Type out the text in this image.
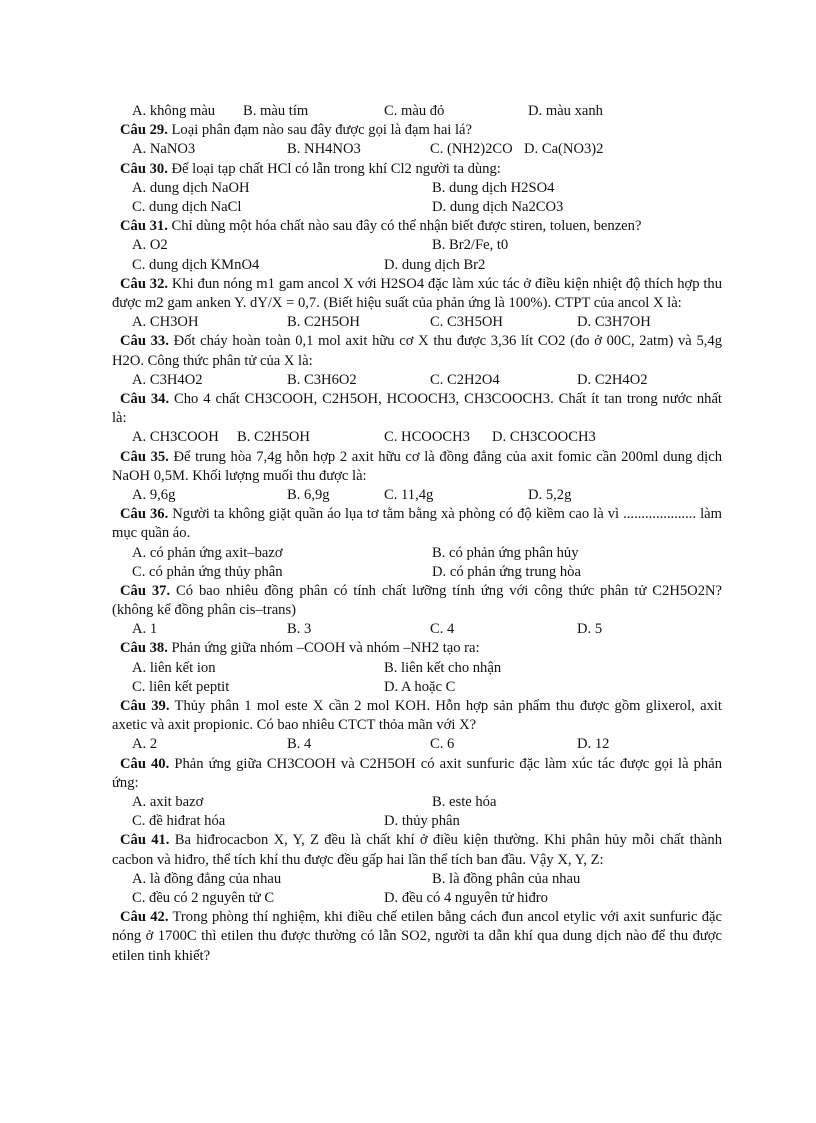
A. không màu B. màu tím	C. màu đỏ	D. màu xanh

Câu 29. Loại phân đạm nào sau đây được gọi là đạm hai lá?

A. NaNO3	B. NH4NO3	C. (NH2)2CO D. Ca(NO3)2

Câu 30. Để loại tạp chất HCl có lẫn trong khí Cl2 người ta dùng:

A. dung dịch NaOH	B. dung dịch H2SO4
C. dung dịch NaCl	D. dung dịch Na2CO3

Câu 31. Chỉ dùng một hóa chất nào sau đây có thể nhận biết được stiren, toluen, benzen?

A. O2	B. Br2/Fe, t0
C. dung dịch KMnO4	D. dung dịch Br2

Câu 32. Khi đun nóng m1 gam ancol X với H2SO4 đặc làm xúc tác ở điều kiện nhiệt độ thích hợp thu được m2 gam anken Y. dY/X = 0,7. (Biết hiệu suất của phản ứng là 100%). CTPT của ancol X là:

A. CH3OH	B. C2H5OH	C. C3H5OH	D. C3H7OH

Câu 33. Đốt cháy hoàn toàn 0,1 mol axit hữu cơ X thu được 3,36 lít CO2 (đo ở 00C, 2atm) và 5,4g H2O. Công thức phân tử của X là:

A. C3H4O2	B. C3H6O2	C. C2H2O4	D. C2H4O2

Câu 34. Cho 4 chất CH3COOH, C2H5OH, HCOOCH3, CH3COOCH3. Chất ít tan trong nước nhất là:

A. CH3COOH B. C2H5OH	C. HCOOCH3 D. CH3COOCH3

Câu 35. Để trung hòa 7,4g hỗn hợp 2 axit hữu cơ là đồng đẳng của axit fomic cần 200ml dung dịch NaOH 0,5M. Khối lượng muối thu được là:

A. 9,6g	B. 6,9g	C. 11,4g	D. 5,2g

Câu 36. Người ta không giặt quần áo lụa tơ tằm bằng xà phòng có độ kiềm cao là vì .................... làm mục quần áo.

A. có phản ứng axit–bazơ	B. có phản ứng phân hủy
C. có phản ứng thủy phân	D. có phản ứng trung hòa

Câu 37. Có bao nhiêu đồng phân có tính chất lưỡng tính ứng với công thức phân tử C2H5O2N? (không kể đồng phân cis–trans)

A. 1	B. 3	C. 4	D. 5

Câu 38. Phản ứng giữa nhóm –COOH và nhóm –NH2 tạo ra:

A. liên kết ion	B. liên kết cho nhận
C. liên kết peptit	D. A hoặc C

Câu 39. Thủy phân 1 mol este X cần 2 mol KOH. Hỗn hợp sản phẩm thu được gồm glixerol, axit axetic và axit propionic. Có bao nhiêu CTCT thỏa mãn với X?

A. 2	B. 4	C. 6	D. 12

Câu 40. Phản ứng giữa CH3COOH và C2H5OH có axit sunfuric đặc làm xúc tác được gọi là phản ứng:

A. axit bazơ	B. este hóa
C. đề hiđrat hóa	D. thủy phân

Câu 41. Ba hiđrocacbon X, Y, Z đều là chất khí ở điều kiện thường. Khi phân hủy mỗi chất thành cacbon và hiđro, thể tích khí thu được đều gấp hai lần thể tích ban đầu. Vậy X, Y, Z:

A. là đồng đẳng của nhau	B. là đồng phân của nhau
C. đều có 2 nguyên tử C	D. đều có 4 nguyên tử hiđro

Câu 42. Trong phòng thí nghiệm, khi điều chế etilen bằng cách đun ancol etylic với axit sunfuric đặc nóng ở 1700C thì etilen thu được thường có lẫn SO2, người ta dẫn khí qua dung dịch nào để thu được etilen tinh khiết?
